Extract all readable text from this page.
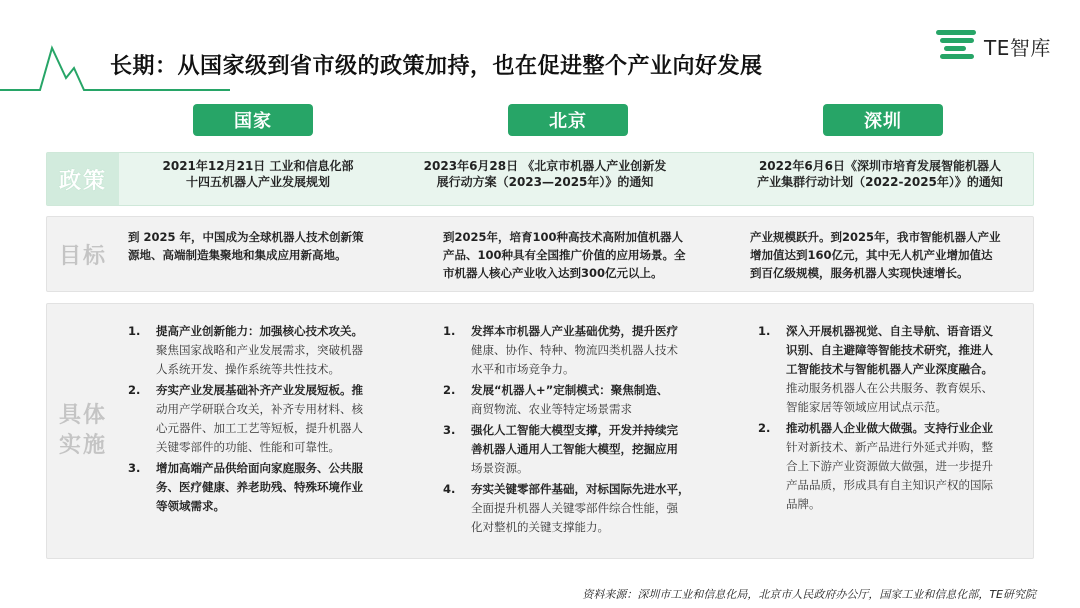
长期：从国家级到省市级的政策加持，也在促进整个产业向好发展
TE智库
国家	北京	深圳
政策
目标
具体
实施
2021年12月21日 工业和信息化部
十四五机器人产业发展规划
2023年6月28日 《北京市机器人产业创新发
展行动方案（2023—2025年）》的通知
2022年6月6日《深圳市培育发展智能机器人
产业集群行动计划（2022-2025年）》的通知
到 2025 年，中国成为全球机器人技术创新策
源地、高端制造集聚地和集成应用新高地。
到2025年，培育100种高技术高附加值机器人
产品、100种具有全国推广价值的应用场景。全
市机器人核心产业收入达到300亿元以上。
产业规模跃升。到2025年，我市智能机器人产业
增加值达到160亿元，其中无人机产业增加值达
到百亿级规模，服务机器人实现快速增长。
1. 提高产业创新能力：加强核心技术攻关。
聚焦国家战略和产业发展需求，突破机器
人系统开发、操作系统等共性技术。
2. 夯实产业发展基础补齐产业发展短板。推
动用产学研联合攻关，补齐专用材料、核
心元器件、加工工艺等短板，提升机器人
关键零部件的功能、性能和可靠性。
3. 增加高端产品供给面向家庭服务、公共服
务、医疗健康、养老助残、特殊环境作业
等领域需求。
1. 发挥本市机器人产业基础优势，提升医疗
健康、协作、特种、物流四类机器人技术
水平和市场竞争力。
2. 发展“机器人+”定制模式：聚焦制造、
商贸物流、农业等特定场景需求
3. 强化人工智能大模型支撑，开发并持续完
善机器人通用人工智能大模型，挖掘应用
场景资源。
4. 夯实关键零部件基础，对标国际先进水平，
全面提升机器人关键零部件综合性能，强
化对整机的关键支撑能力。
1. 深入开展机器视觉、自主导航、语音语义
识别、自主避障等智能技术研究，推进人
工智能技术与智能机器人产业深度融合。
推动服务机器人在公共服务、教育娱乐、
智能家居等领域应用试点示范。
2. 推动机器人企业做大做强。支持行业企业
针对新技术、新产品进行外延式并购，整
合上下游产业资源做大做强，进一步提升
产品品质，形成具有自主知识产权的国际
品牌。
资料来源：深圳市工业和信息化局，北京市人民政府办公厅，国家工业和信息化部，TE研究院
